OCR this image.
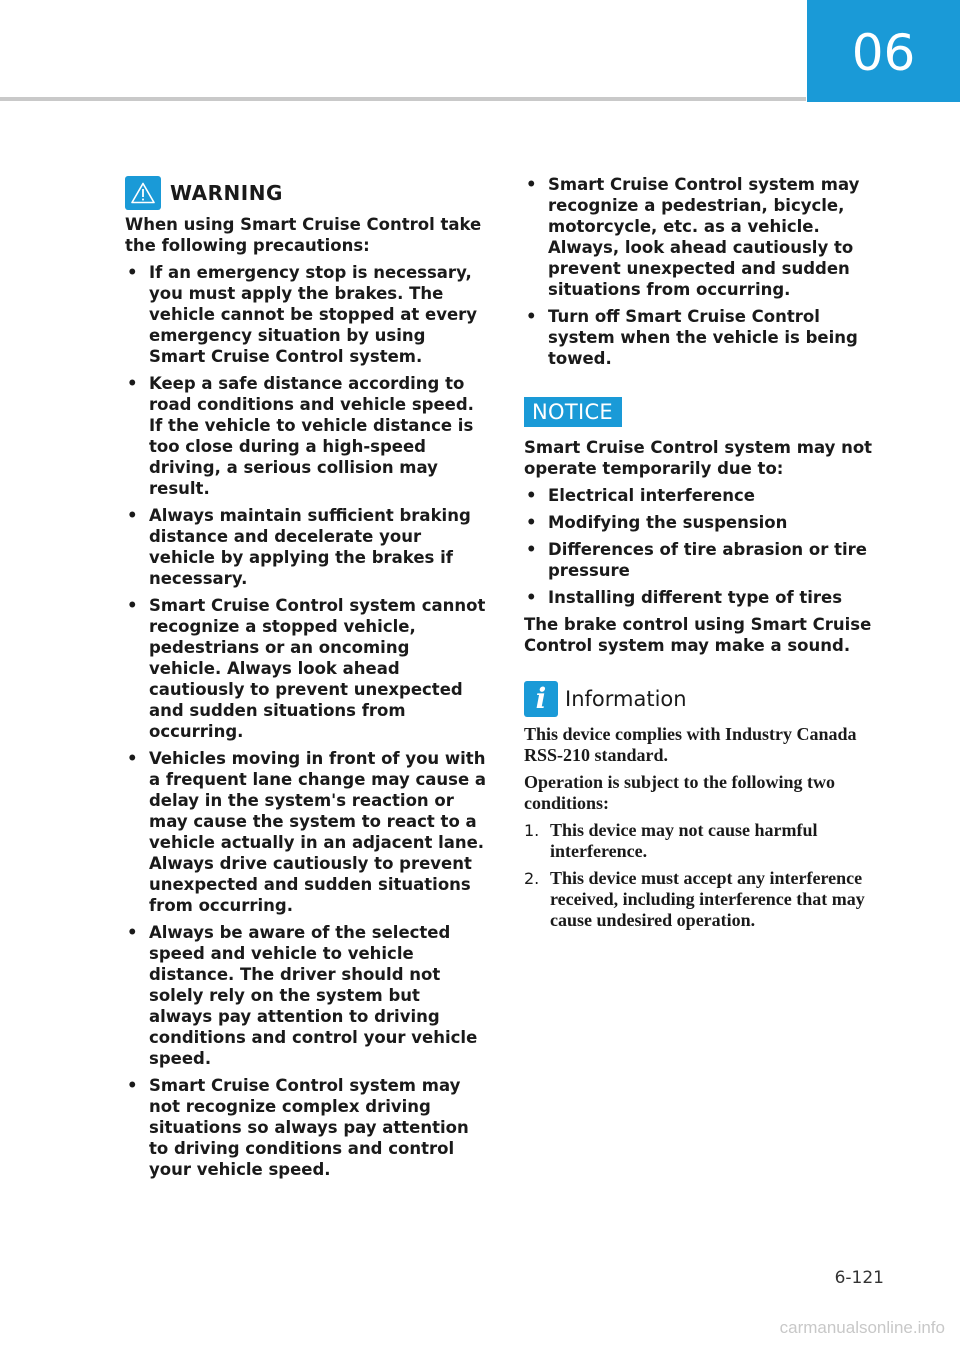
06
WARNING

When using Smart Cruise Control take the following precautions:

• If an emergency stop is necessary, you must apply the brakes. The vehicle cannot be stopped at every emergency situation by using Smart Cruise Control system.
• Keep a safe distance according to road conditions and vehicle speed. If the vehicle to vehicle distance is too close during a high-speed driving, a serious collision may result.
• Always maintain sufficient braking distance and decelerate your vehicle by applying the brakes if necessary.
• Smart Cruise Control system cannot recognize a stopped vehicle, pedestrians or an oncoming vehicle. Always look ahead cautiously to prevent unexpected and sudden situations from occurring.
• Vehicles moving in front of you with a frequent lane change may cause a delay in the system's reaction or may cause the system to react to a vehicle actually in an adjacent lane. Always drive cautiously to prevent unexpected and sudden situations from occurring.
• Always be aware of the selected speed and vehicle to vehicle distance. The driver should not solely rely on the system but always pay attention to driving conditions and control your vehicle speed.
• Smart Cruise Control system may not recognize complex driving situations so always pay attention to driving conditions and control your vehicle speed.
• Smart Cruise Control system may recognize a pedestrian, bicycle, motorcycle, etc. as a vehicle. Always, look ahead cautiously to prevent unexpected and sudden situations from occurring.
• Turn off Smart Cruise Control system when the vehicle is being towed.
NOTICE

Smart Cruise Control system may not operate temporarily due to:

• Electrical interference
• Modifying the suspension
• Differences of tire abrasion or tire pressure
• Installing different type of tires

The brake control using Smart Cruise Control system may make a sound.

i Information

This device complies with Industry Canada RSS-210 standard.

Operation is subject to the following two conditions:

1. This device may not cause harmful interference.
2. This device must accept any interference received, including interference that may cause undesired operation.
6-121
carmanualsonline.info
